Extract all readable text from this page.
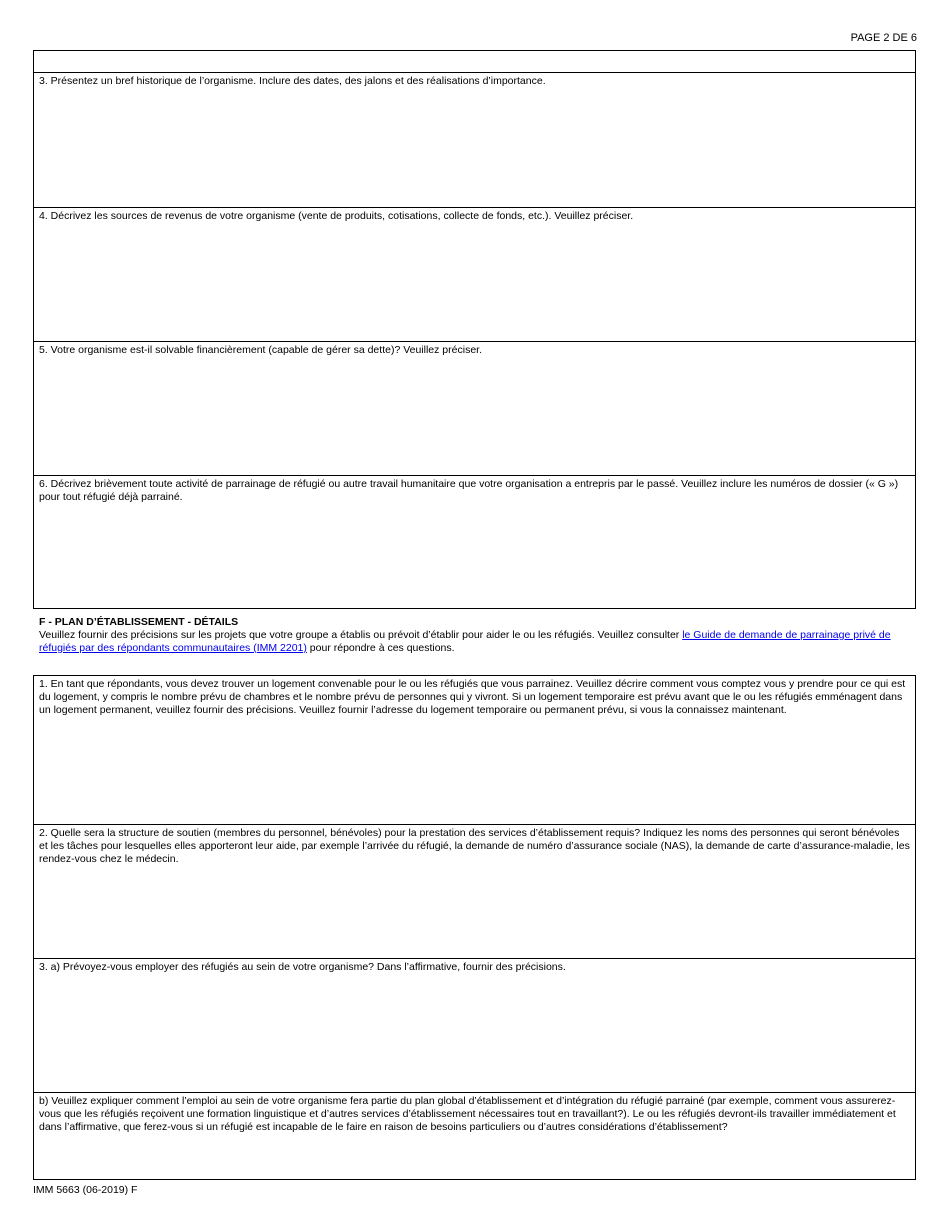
PAGE 2 DE 6
3. Présentez un bref historique de l’organisme. Inclure des dates, des jalons et des réalisations d’importance.
4. Décrivez les sources de revenus de votre organisme (vente de produits, cotisations, collecte de fonds, etc.). Veuillez préciser.
5. Votre organisme est-il solvable financièrement (capable de gérer sa dette)? Veuillez préciser.
6. Décrivez brièvement toute activité de parrainage de réfugié ou autre travail humanitaire que votre organisation a entrepris par le passé. Veuillez inclure les numéros de dossier (« G ») pour tout réfugié déjà parrainé.
F - PLAN D’ÉTABLISSEMENT - DÉTAILS
Veuillez fournir des précisions sur les projets que votre groupe a établis ou prévoit d’établir pour aider le ou les réfugiés. Veuillez consulter le Guide de demande de parrainage privé de réfugiés par des répondants communautaires (IMM 2201) pour répondre à ces questions.
1. En tant que répondants, vous devez trouver un logement convenable pour le ou les réfugiés que vous parrainez. Veuillez décrire comment vous comptez vous y prendre pour ce qui est du logement, y compris le nombre prévu de chambres et le nombre prévu de personnes qui y vivront. Si un logement temporaire est prévu avant que le ou les réfugiés emménagent dans un logement permanent, veuillez fournir des précisions. Veuillez fournir l’adresse du logement temporaire ou permanent prévu, si vous la connaissez maintenant.
2. Quelle sera la structure de soutien (membres du personnel, bénévoles) pour la prestation des services d’établissement requis? Indiquez les noms des personnes qui seront bénévoles et les tâches pour lesquelles elles apporteront leur aide, par exemple l’arrivée du réfugié, la demande de numéro d’assurance sociale (NAS), la demande de carte d’assurance-maladie, les rendez-vous chez le médecin.
3. a) Prévoyez-vous employer des réfugiés au sein de votre organisme? Dans l’affirmative, fournir des précisions.
b) Veuillez expliquer comment l’emploi au sein de votre organisme fera partie du plan global d’établissement et d’intégration du réfugié parrainé (par exemple, comment vous assurerez-vous que les réfugiés reçoivent une formation linguistique et d’autres services d’établissement nécessaires tout en travaillant?). Le ou les réfugiés devront-ils travailler immédiatement et dans l’affirmative, que ferez-vous si un réfugié est incapable de le faire en raison de besoins particuliers ou d’autres considérations d’établissement?
IMM 5663 (06-2019) F
